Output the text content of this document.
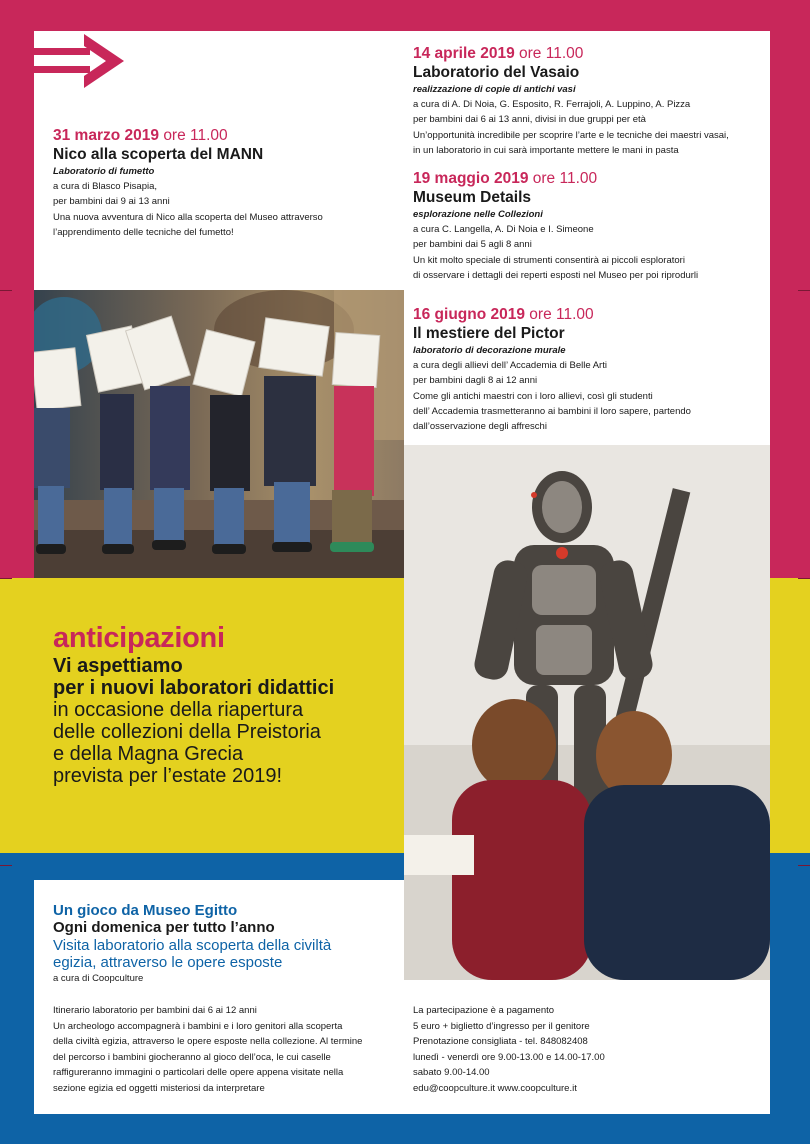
31 marzo 2019 ore 11.00
Nico alla scoperta del MANN
Laboratorio di fumetto
a cura di Blasco Pisapia,
per bambini dai 9 ai 13 anni
Una nuova avventura di Nico alla scoperta del Museo attraverso
l’apprendimento delle tecniche del fumetto!
14 aprile 2019 ore 11.00
Laboratorio del Vasaio
realizzazione di copie di antichi vasi
a cura di A. Di Noia, G. Esposito, R. Ferrajoli, A. Luppino, A. Pizza
per bambini dai 6 ai 13 anni, divisi in due gruppi per età
Un’opportunità incredibile per scoprire l’arte e le tecniche dei maestri vasai,
in un laboratorio in cui sarà importante mettere le mani in pasta
19 maggio 2019 ore 11.00
Museum Details
esplorazione nelle Collezioni
a cura C. Langella, A. Di Noia e I. Simeone
per bambini dai 5 agli 8 anni
Un kit molto speciale di strumenti consentirà ai piccoli esploratori
di osservare i dettagli dei reperti esposti nel Museo per poi riprodurli
16 giugno 2019 ore 11.00
Il mestiere del Pictor
laboratorio di decorazione murale
a cura degli allievi dell’ Accademia di Belle Arti
per bambini dagli 8 ai 12 anni
Come gli antichi maestri con i loro allievi, così gli studenti
dell’ Accademia trasmetteranno ai bambini il loro sapere, partendo
dall’osservazione degli affreschi
anticipazioni
Vi aspettiamo
per i nuovi laboratori didattici
in occasione della riapertura
delle collezioni della Preistoria
e della Magna Grecia
prevista per l’estate 2019!
Un gioco da Museo Egitto
Ogni domenica per tutto l’anno
Visita laboratorio alla scoperta della civiltà
egizia, attraverso le opere esposte
a cura di Coopculture
Itinerario laboratorio per bambini dai 6 ai 12 anni
Un archeologo accompagnerà i bambini e i loro genitori alla scoperta
della civiltà egizia, attraverso le opere esposte nella collezione. Al termine
del percorso i bambini giocheranno al gioco dell’oca, le cui caselle
raffigureranno immagini o particolari delle opere appena visitate nella
sezione egizia ed oggetti misteriosi da interpretare
La partecipazione è a pagamento
5 euro + biglietto d’ingresso per il genitore
Prenotazione consigliata - tel. 848082408
lunedì - venerdì ore 9.00-13.00 e 14.00-17.00
sabato 9.00-14.00
edu@coopculture.it www.coopculture.it
